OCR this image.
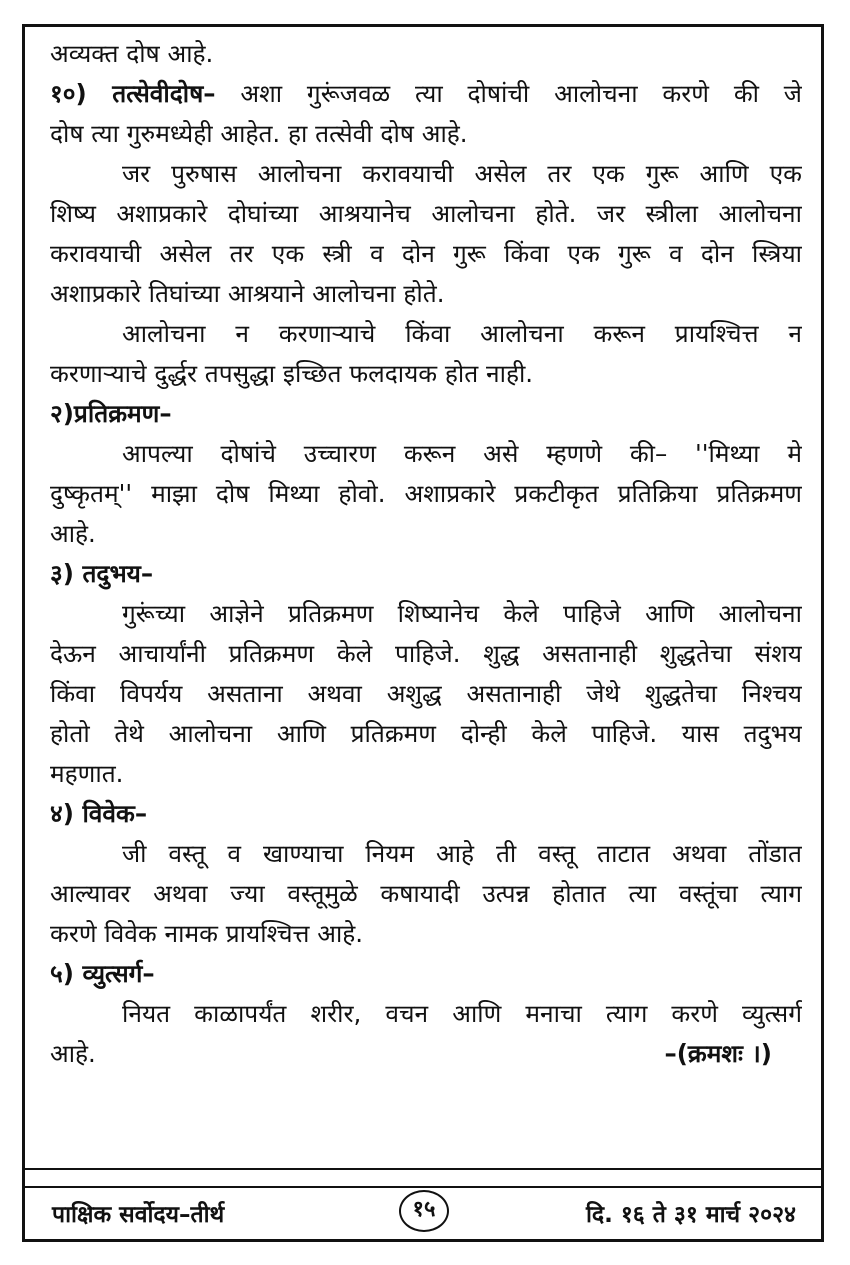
अव्यक्त दोष आहे.
१०) तत्सेवीदोष– अशा गुरूंजवळ त्या दोषांची आलोचना करणे की जे
दोष त्या गुरुमध्येही आहेत. हा तत्सेवी दोष आहे.
जर पुरुषास आलोचना करावयाची असेल तर एक गुरू आणि एक
शिष्य अशाप्रकारे दोघांच्या आश्रयानेच आलोचना होते. जर स्त्रीला आलोचना
करावयाची असेल तर एक स्त्री व दोन गुरू किंवा एक गुरू व दोन स्त्रिया
अशाप्रकारे तिघांच्या आश्रयाने आलोचना होते.
आलोचना न करणाऱ्याचे किंवा आलोचना करून प्रायश्चित्त न
करणाऱ्याचे दुर्द्धर तपसुद्धा इच्छित फलदायक होत नाही.
२)प्रतिक्रमण–
आपल्या दोषांचे उच्चारण करून असे म्हणणे की– ''मिथ्या मे
दुष्कृतम्'' माझा दोष मिथ्या होवो. अशाप्रकारे प्रकटीकृत प्रतिक्रिया प्रतिक्रमण
आहे.
३) तदुभय–
गुरूंच्या आज्ञेने प्रतिक्रमण शिष्यानेच केले पाहिजे आणि आलोचना
देऊन आचार्यांनी प्रतिक्रमण केले पाहिजे. शुद्ध असतानाही शुद्धतेचा संशय
किंवा विपर्यय असताना अथवा अशुद्ध असतानाही जेथे शुद्धतेचा निश्चय
होतो तेथे आलोचना आणि प्रतिक्रमण दोन्ही केले पाहिजे. यास तदुभय
महणात.
४) विवेक–
जी वस्तू व खाण्याचा नियम आहे ती वस्तू ताटात अथवा तोंडात
आल्यावर अथवा ज्या वस्तूमुळे कषायादी उत्पन्न होतात त्या वस्तूंचा त्याग
करणे विवेक नामक प्रायश्चित्त आहे.
५) व्युत्सर्ग–
नियत काळापर्यंत शरीर, वचन आणि मनाचा त्याग करणे व्युत्सर्ग
आहे.	–(क्रमशः ।)
पाक्षिक सर्वोदय–तीर्थ	१५	दि. १६ ते ३१ मार्च २०२४
